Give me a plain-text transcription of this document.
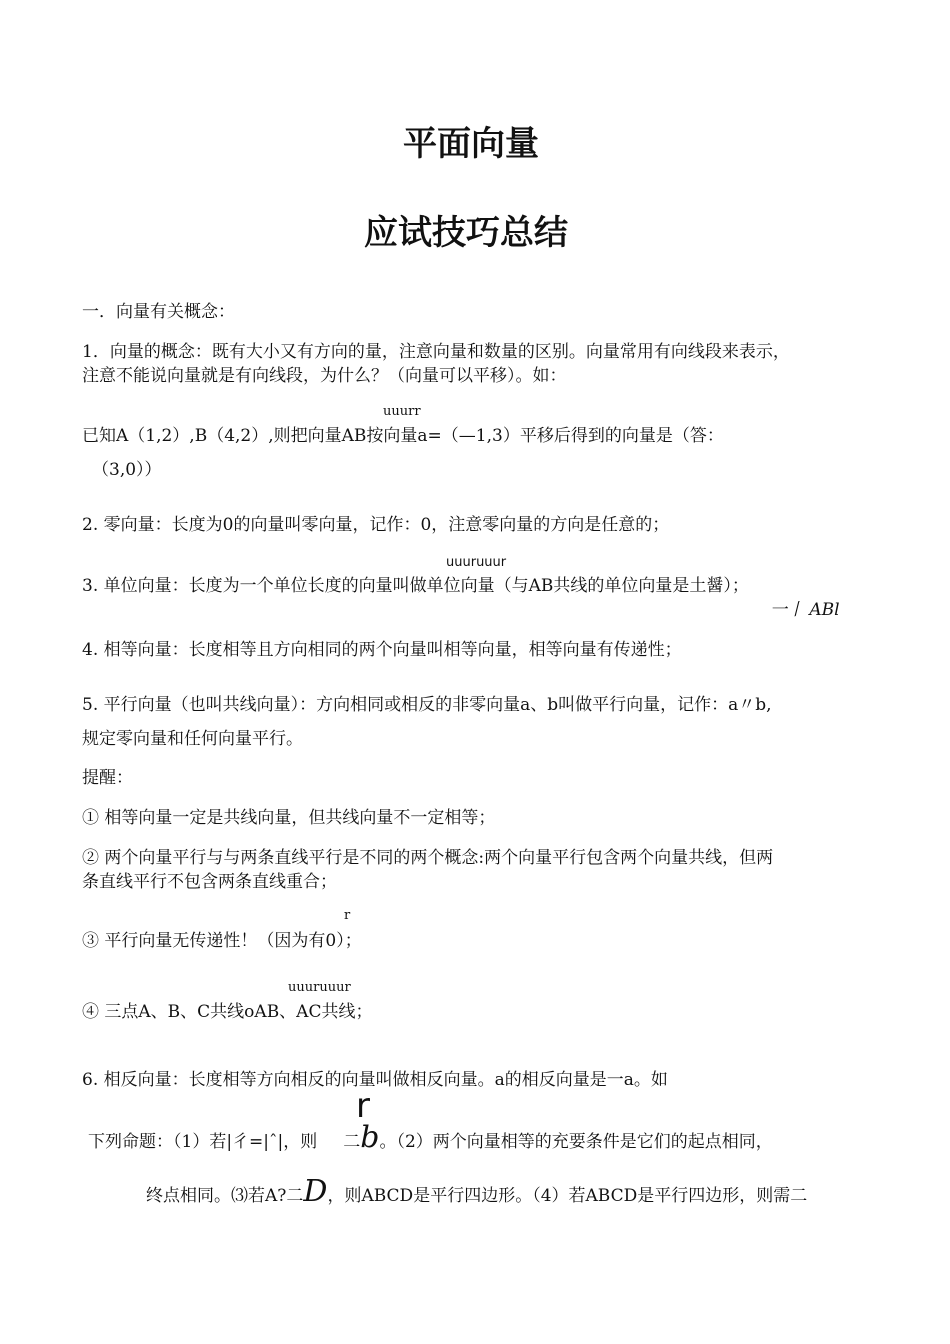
平面向量
应试技巧总结
一．向量有关概念：
1．向量的概念：既有大小又有方向的量，注意向量和数量的区别。向量常用有向线段来表示，
注意不能说向量就是有向线段，为什么？（向量可以平移）。如：
uuurr
已知A（1,2）,B（4,2）,则把向量AB按向量a=（—1,3）平移后得到的向量是（答：
（3,0））
2. 零向量：长度为0的向量叫零向量，记作：0，注意零向量的方向是任意的；
uuuruuur
3. 单位向量：长度为一个单位长度的向量叫做单位向量（与AB共线的单位向量是土醤）；
一丨 ABl
4. 相等向量：长度相等且方向相同的两个向量叫相等向量，相等向量有传递性；
5. 平行向量（也叫共线向量）：方向相同或相反的非零向量a、b叫做平行向量，记作：a〃b,
规定零向量和任何向量平行。
提醒：
① 相等向量一定是共线向量，但共线向量不一定相等；
② 两个向量平行与与两条直线平行是不同的两个概念:两个向量平行包含两个向量共线，但两
条直线平行不包含两条直线重合；
r
③ 平行向量无传递性！（因为有0）；
uuuruuur
④ 三点A、B、C共线oAB、AC共线；
6. 相反向量：长度相等方向相反的向量叫做相反向量。a的相反向量是一a。如
r
下列命题：（1）若|彳=|ˆ|，则 二b。（2）两个向量相等的充要条件是它们的起点相同，
终点相同。⑶若A?二D，则ABCD是平行四边形。（4）若ABCD是平行四边形，则需二
